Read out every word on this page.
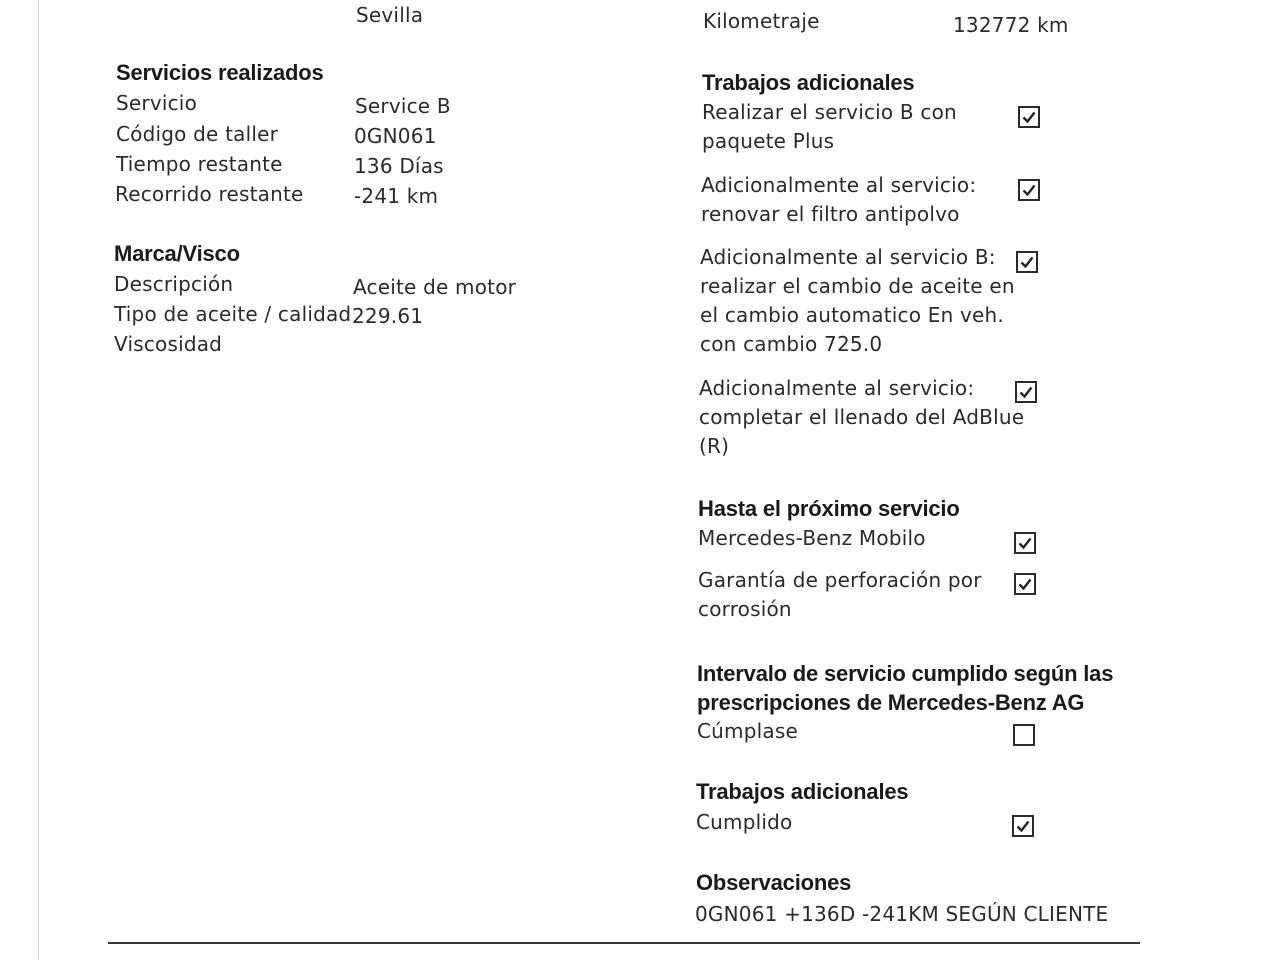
Sevilla	Kilometraje	132772 km
Servicios realizados
Servicio	Service B
Código de taller	0GN061
Tiempo restante	136 Días
Recorrido restante	-241 km
Marca/Visco
Descripción	Aceite de motor
Tipo de aceite / calidad 229.61
Viscosidad
Trabajos adicionales
Realizar el servicio B con
paquete Plus
Adicionalmente al servicio:
renovar el filtro antipolvo
Adicionalmente al servicio B:
realizar el cambio de aceite en
el cambio automatico En veh.
con cambio 725.0
Adicionalmente al servicio:
completar el llenado del AdBlue
(R)
Hasta el próximo servicio
Mercedes-Benz Mobilo
Garantía de perforación por
corrosión
Intervalo de servicio cumplido según las
prescripciones de Mercedes-Benz AG
Cúmplase
Trabajos adicionales
Cumplido
Observaciones
0GN061 +136D -241KM SEGÚN CLIENTE
